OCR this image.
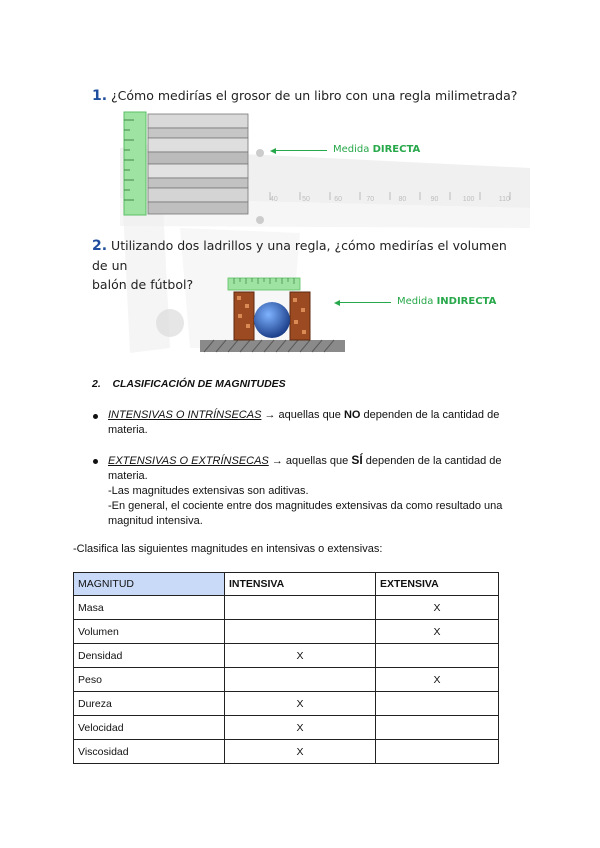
1. ¿Cómo medirías el grosor de un libro con una regla milimetrada?
40	50	60	70	80	90	100	110
Medida DIRECTA
2. Utilizando dos ladrillos y una regla, ¿cómo medirías el volumen de un
balón de fútbol?
Medida INDIRECTA
2. CLASIFICACIÓN DE MAGNITUDES
INTENSIVAS O INTRÍNSECAS → aquellas que NO dependen de la cantidad de
materia.
EXTENSIVAS O EXTRÍNSECAS → aquellas que SÍ dependen de la cantidad de
materia.
-Las magnitudes extensivas son aditivas.
-En general, el cociente entre dos magnitudes extensivas da como resultado una
magnitud intensiva.
-Clasifica las siguientes magnitudes en intensivas o extensivas:
MAGNITUD	INTENSIVA	EXTENSIVA
Masa		X
Volumen		X
Densidad	X	
Peso		X
Dureza	X	
Velocidad	X	
Viscosidad	X	
